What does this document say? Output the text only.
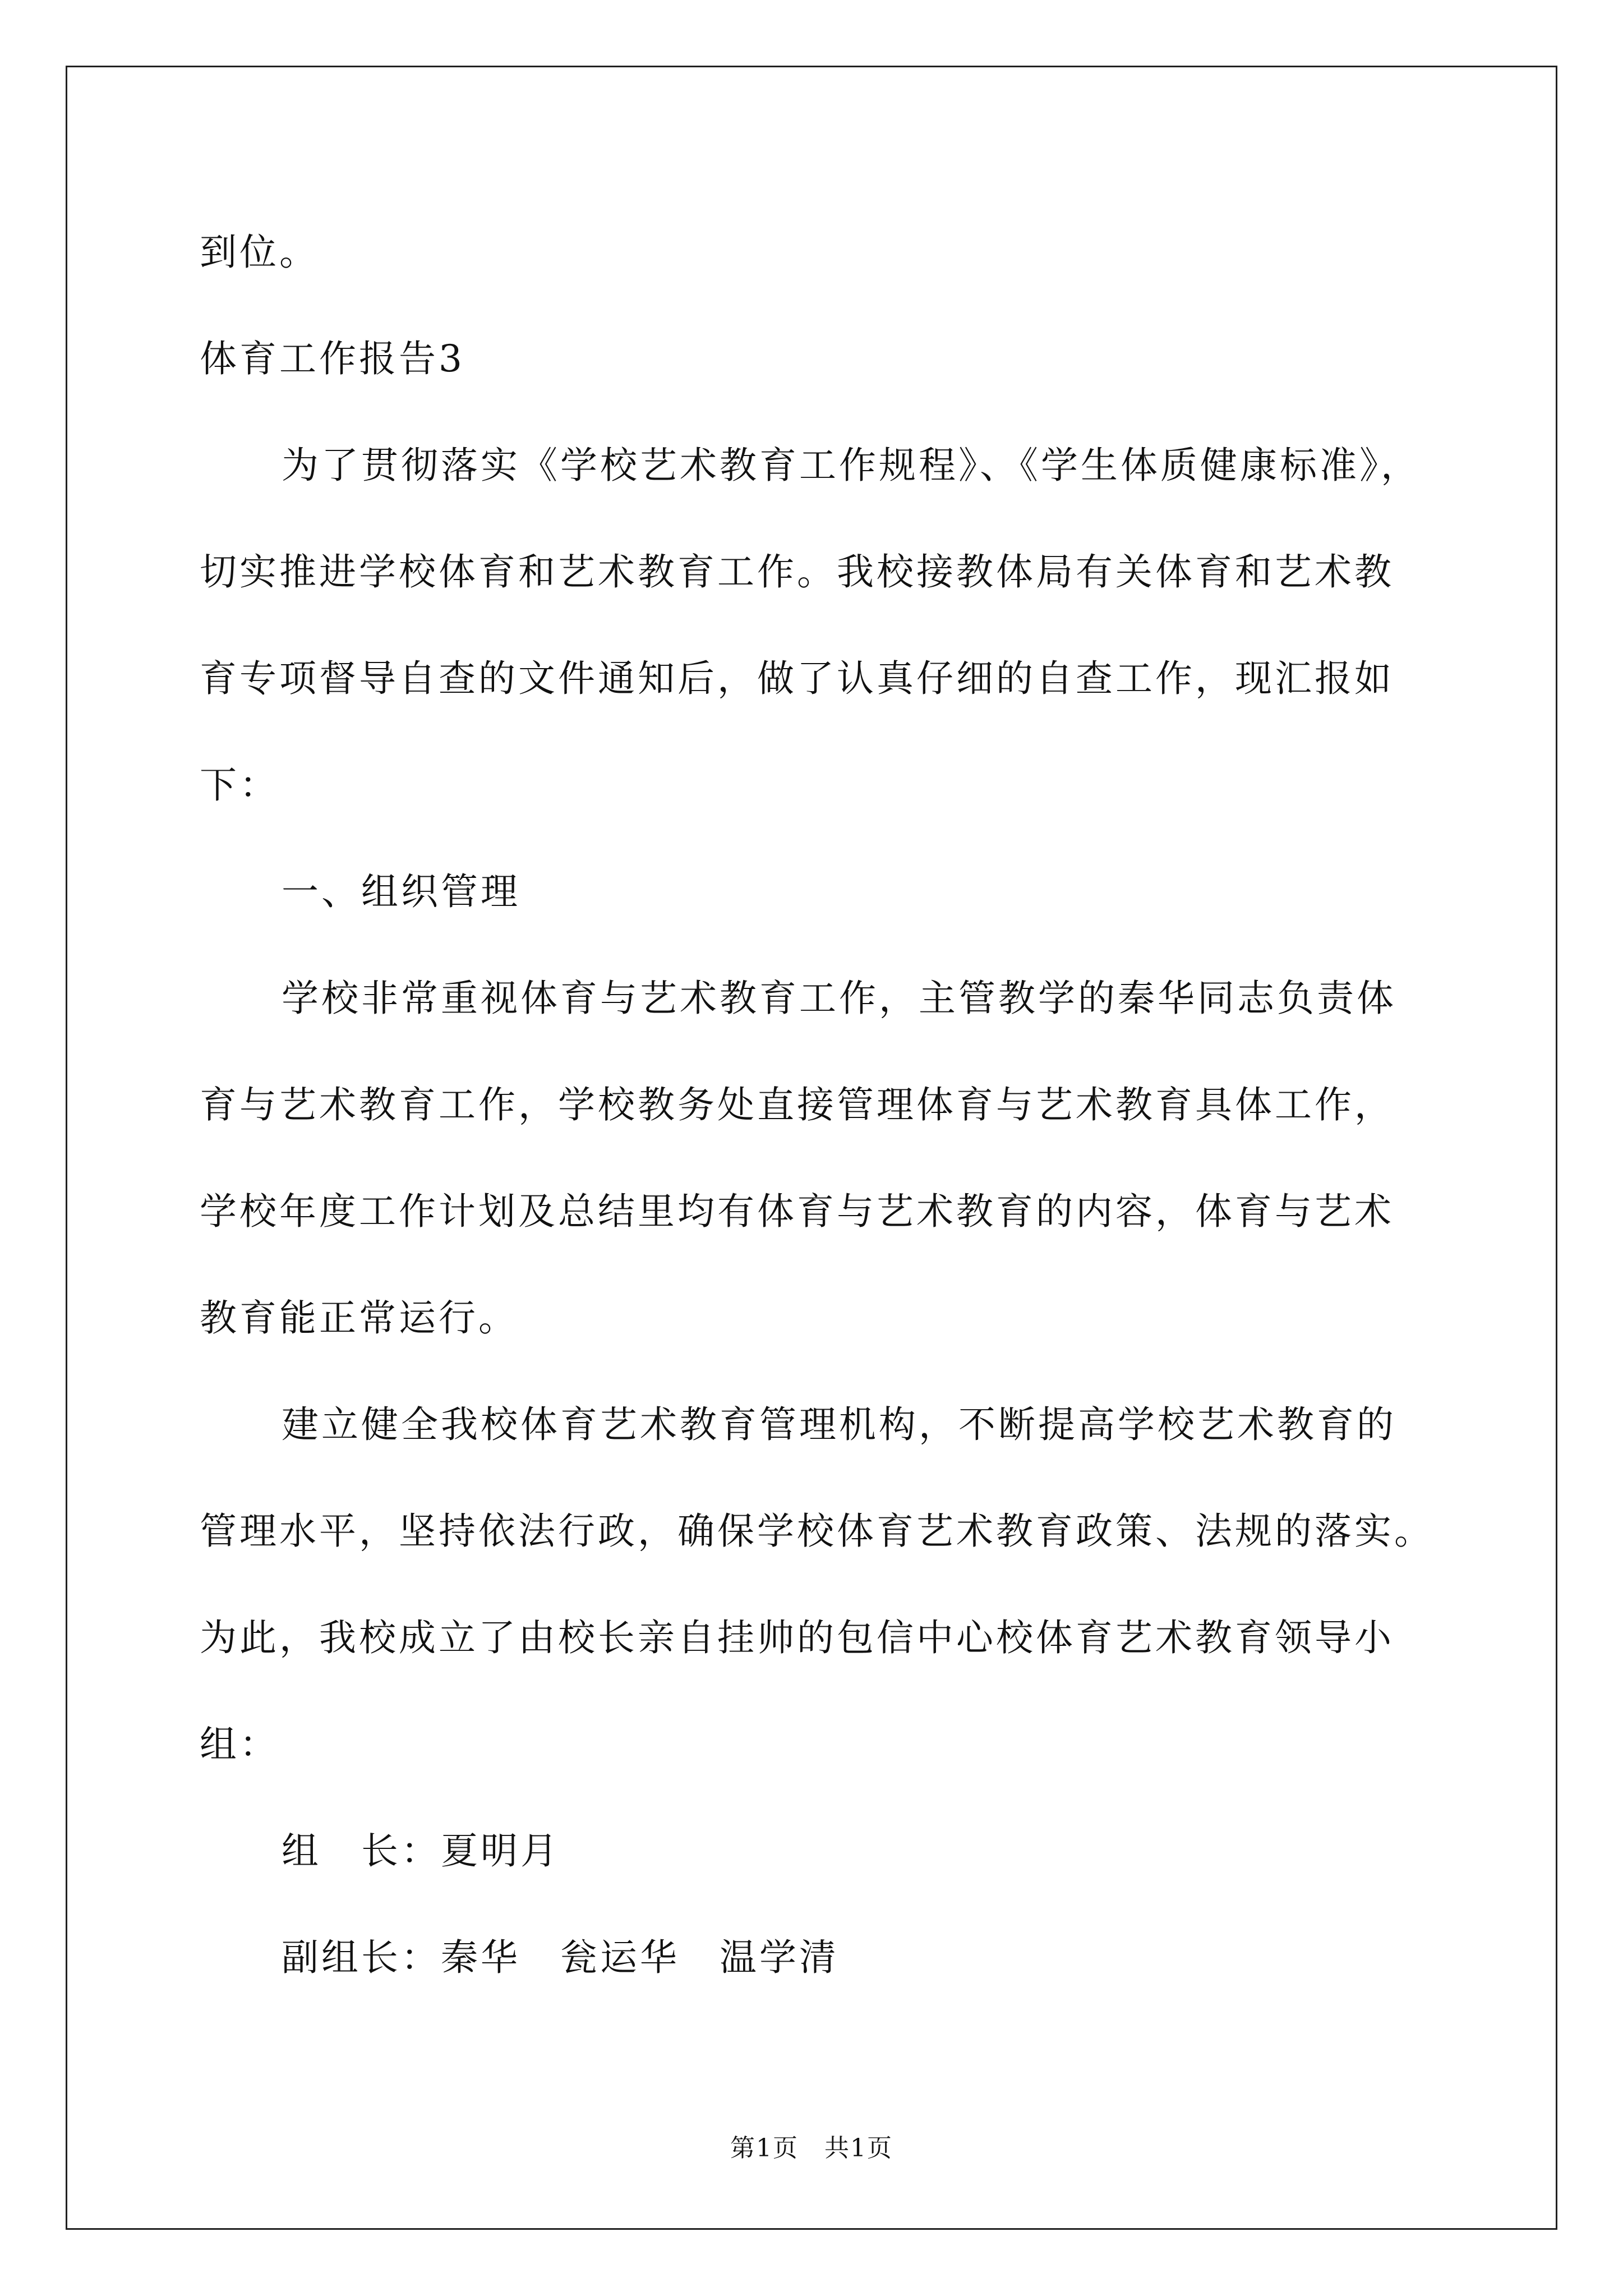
到位。

体育工作报告3

为了贯彻落实《学校艺术教育工作规程》、《学生体质健康标准》，

切实推进学校体育和艺术教育工作。我校接教体局有关体育和艺术教

育专项督导自查的文件通知后，做了认真仔细的自查工作，现汇报如

下：

一、组织管理

学校非常重视体育与艺术教育工作，主管教学的秦华同志负责体

育与艺术教育工作，学校教务处直接管理体育与艺术教育具体工作，

学校年度工作计划及总结里均有体育与艺术教育的内容，体育与艺术

教育能正常运行。

建立健全我校体育艺术教育管理机构，不断提高学校艺术教育的

管理水平，坚持依法行政，确保学校体育艺术教育政策、法规的落实。

为此，我校成立了由校长亲自挂帅的包信中心校体育艺术教育领导小

组：

组　长：夏明月

副组长：秦华　瓮运华　温学清

第1页　共1页
